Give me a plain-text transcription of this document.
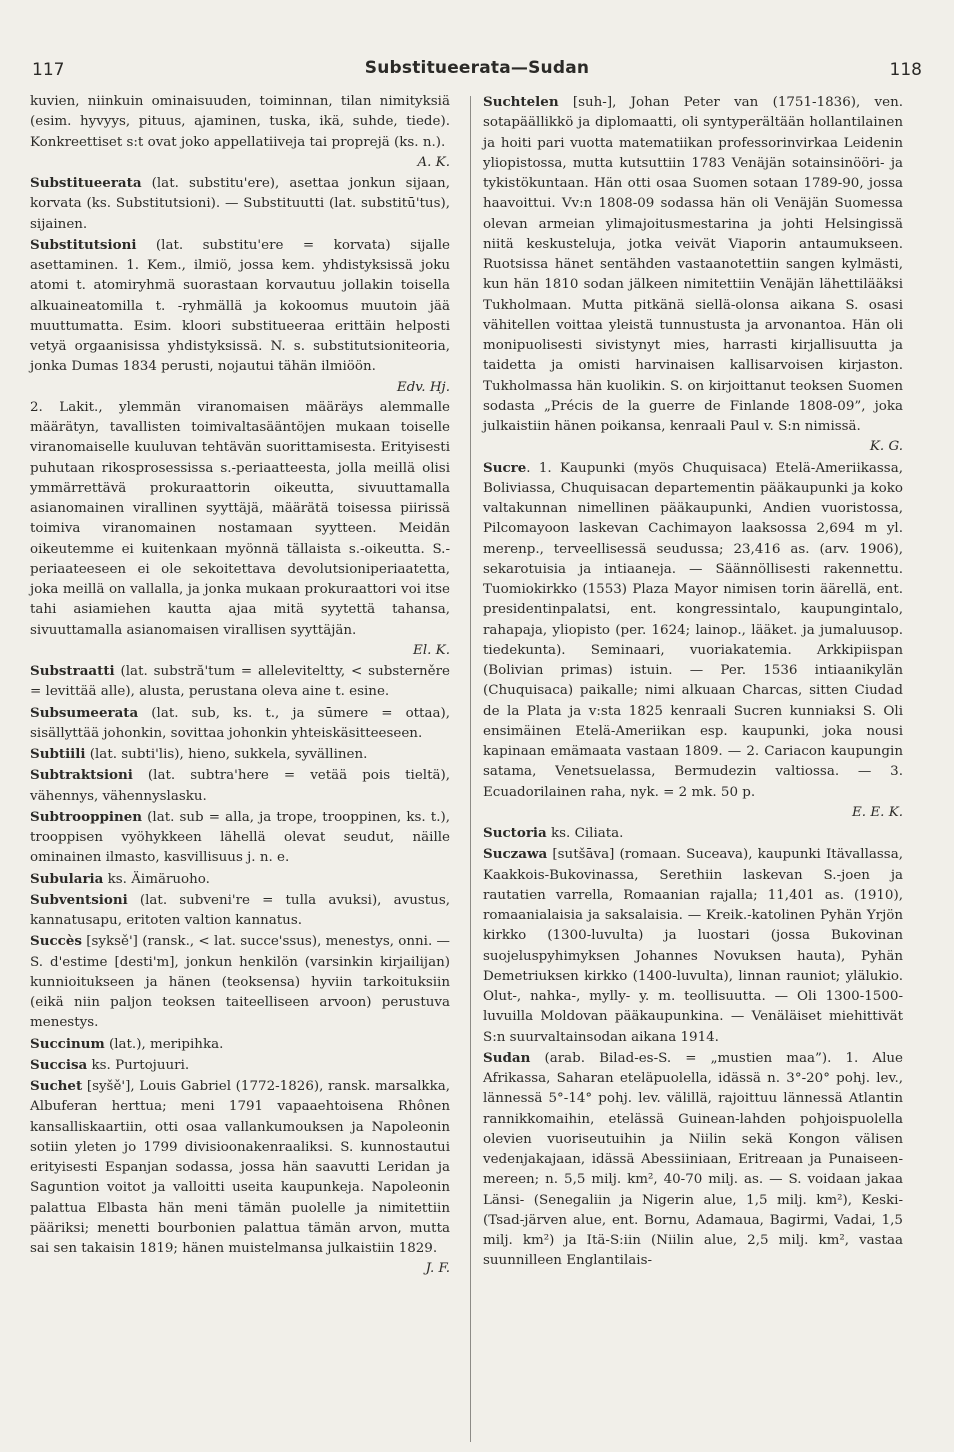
117	Substitueerata—Sudan	118

kuvien, niinkuin ominaisuuden, toiminnan, tilan nimityksiä (esim. hyvyys, pituus, ajaminen, tuska, ikä, suhde, tiede). Konkreettiset s:t ovat joko appellatiiveja tai proprejä (ks. n.).
A. K.

Substitueerata (lat. substitu'ere), asettaa jonkun sijaan, korvata (ks. Substitutsioni). — Substituutti (lat. substitū'tus), sijainen.

Substitutsioni (lat. substitu'ere = korvata) sijalle asettaminen. 1. Kem., ilmiö, jossa kem. yhdistyksissä joku atomi t. atomiryhmä suorastaan korvautuu jollakin toisella alkuaineatomilla t. -ryhmällä ja kokoomus muutoin jää muuttumatta. Esim. kloori substitueeraa erittäin helposti vetyä orgaanisissa yhdistyksissä. N. s. substitutsioniteoria, jonka Dumas 1834 perusti, nojautui tähän ilmiöön.
Edv. Hj.

2. Lakit., ylemmän viranomaisen määräys alemmalle määrätyn, tavallisten toimivaltasääntöjen mukaan toiselle viranomaiselle kuuluvan tehtävän suorittamisesta. Erityisesti puhutaan rikosprosessissa s.-periaatteesta, jolla meillä olisi ymmärrettävä prokuraattorin oikeutta, sivuuttamalla asianomainen virallinen syyttäjä, määrätä toisessa piirissä toimiva viranomainen nostamaan syytteen. Meidän oikeutemme ei kuitenkaan myönnä tällaista s.-oikeutta. S.-periaateeseen ei ole sekoitettava devolutsioniperiaatetta, joka meillä on vallalla, ja jonka mukaan prokuraattori voi itse tahi asiamiehen kautta ajaa mitä syytettä tahansa, sivuuttamalla asianomaisen virallisen syyttäjän.
El. K.

Substraatti (lat. substră'tum = alleleviteltty, < substerněre = levittää alle), alusta, perustana oleva aine t. esine.

Subsumeerata (lat. sub, ks. t., ja sūmere = ottaa), sisällyttää johonkin, sovittaa johonkin yhteiskäsitteeseen.

Subtiili (lat. subti'lis), hieno, sukkela, syvällinen.

Subtraktsioni (lat. subtra'here = vetää pois tieltä), vähennys, vähennyslasku.

Subtrooppinen (lat. sub = alla, ja trope, trooppinen, ks. t.), trooppisen vyöhykkeen lähellä olevat seudut, näille ominainen ilmasto, kasvillisuus j. n. e.

Subularia ks. Äimäruoho.

Subventsioni (lat. subveni're = tulla avuksi), avustus, kannatusapu, eritoten valtion kannatus.

Succès [syksě'] (ransk., < lat. succe'ssus), menestys, onni. — S. d'estime [desti'm], jonkun henkilön (varsinkin kirjailijan) kunnioitukseen ja hänen (teoksensa) hyviin tarkoituksiin (eikä niin paljon teoksen taiteelliseen arvoon) perustuva menestys.

Succinum (lat.), meripihka.

Succisa ks. Purtojuuri.

Suchet [syšě'], Louis Gabriel (1772-1826), ransk. marsalkka, Albuferan herttua; meni 1791 vapaaehtoisena Rhônen kansalliskaartiin, otti osaa vallankumouksen ja Napoleonin sotiin yleten jo 1799 divisioonakenraaliksi. S. kunnostautui erityisesti Espanjan sodassa, jossa hän saavutti Leridan ja Saguntion voitot ja valloitti useita kaupunkeja. Napoleonin palattua Elbasta hän meni tämän puolelle ja nimitettiin pääriksi; menetti bourbonien palattua tämän arvon, mutta sai sen takaisin 1819; hänen muistelmansa julkaistiin 1829.
J. F.

Suchtelen [suh-], Johan Peter van (1751-1836), ven. sotapäällikkö ja diplomaatti, oli syntyperältään hollantilainen ja hoiti pari vuotta matematiikan professorinvirkaa Leidenin yliopistossa, mutta kutsuttiin 1783 Venäjän sotainsinööri- ja tykistökuntaan. Hän otti osaa Suomen sotaan 1789-90, jossa haavoittui. Vv:n 1808-09 sodassa hän oli Venäjän Suomessa olevan armeian ylimajoitusmestarina ja johti Helsingissä niitä keskusteluja, jotka veivät Viaporin antaumukseen. Ruotsissa hänet sentähden vastaanotettiin sangen kylmästi, kun hän 1810 sodan jälkeen nimitettiin Venäjän lähettilääksi Tukholmaan. Mutta pitkänä siellä-olonsa aikana S. osasi vähitellen voittaa yleistä tunnustusta ja arvonantoa. Hän oli monipuolisesti sivistynyt mies, harrasti kirjallisuutta ja taidetta ja omisti harvinaisen kallisarvoisen kirjaston. Tukholmassa hän kuolikin. S. on kirjoittanut teoksen Suomen sodasta „Précis de la guerre de Finlande 1808-09”, joka julkaistiin hänen poikansa, kenraali Paul v. S:n nimissä.
K. G.

Sucre. 1. Kaupunki (myös Chuquisaca) Etelä-Ameriikassa, Boliviassa, Chuquisacan departementin pääkaupunki ja koko valtakunnan nimellinen pääkaupunki, Andien vuoristossa, Pilcomayoon laskevan Cachimayon laaksossa 2,694 m yl. merenp., terveellisessä seudussa; 23,416 as. (arv. 1906), sekarotuisia ja intiaaneja. — Säännöllisesti rakennettu. Tuomiokirkko (1553) Plaza Mayor nimisen torin äärellä, ent. presidentinpalatsi, ent. kongressintalo, kaupungintalo, rahapaja, yliopisto (per. 1624; lainop., lääket. ja jumaluusop. tiedekunta). Seminaari, vuoriakatemia. Arkkipiispan (Bolivian primas) istuin. — Per. 1536 intiaanikylän (Chuquisaca) paikalle; nimi alkuaan Charcas, sitten Ciudad de la Plata ja v:sta 1825 kenraali Sucren kunniaksi S. Oli ensimäinen Etelä-Ameriikan esp. kaupunki, joka nousi kapinaan emämaata vastaan 1809. — 2. Cariacon kaupungin satama, Venetsuelassa, Bermudezin valtiossa. — 3. Ecuadorilainen raha, nyk. = 2 mk. 50 p.
E. E. K.

Suctoria ks. Ciliata.

Suczawa [sutšāva] (romaan. Suceava), kaupunki Itävallassa, Kaakkois-Bukovinassa, Serethiin laskevan S.-joen ja rautatien varrella, Romaanian rajalla; 11,401 as. (1910), romaanialaisia ja saksalaisia. — Kreik.-katolinen Pyhän Yrjön kirkko (1300-luvulta) ja luostari (jossa Bukovinan suojeluspyhimyksen Johannes Novuksen hauta), Pyhän Demetriuksen kirkko (1400-luvulta), linnan rauniot; ylälukio. Olut-, nahka-, mylly- y. m. teollisuutta. — Oli 1300-1500-luvuilla Moldovan pääkaupunkina. — Venäläiset miehittivät S:n suurvaltainsodan aikana 1914.

Sudan (arab. Bilad-es-S. = „mustien maa”). 1. Alue Afrikassa, Saharan eteläpuolella, idässä n. 3°-20° pohj. lev., lännessä 5°-14° pohj. lev. välillä, rajoittuu lännessä Atlantin rannikkomaihin, etelässä Guinean-lahden pohjoispuolella olevien vuoriseutuihin ja Niilin sekä Kongon välisen vedenjakajaan, idässä Abessiiniaan, Eritreaan ja Punaiseen-mereen; n. 5,5 milj. km², 40-70 milj. as. — S. voidaan jakaa Länsi- (Senegaliin ja Nigerin alue, 1,5 milj. km²), Keski- (Tsad-järven alue, ent. Bornu, Adamaua, Bagirmi, Vadai, 1,5 milj. km²) ja Itä-S:iin (Niilin alue, 2,5 milj. km², vastaa suunnilleen Englantilais-
